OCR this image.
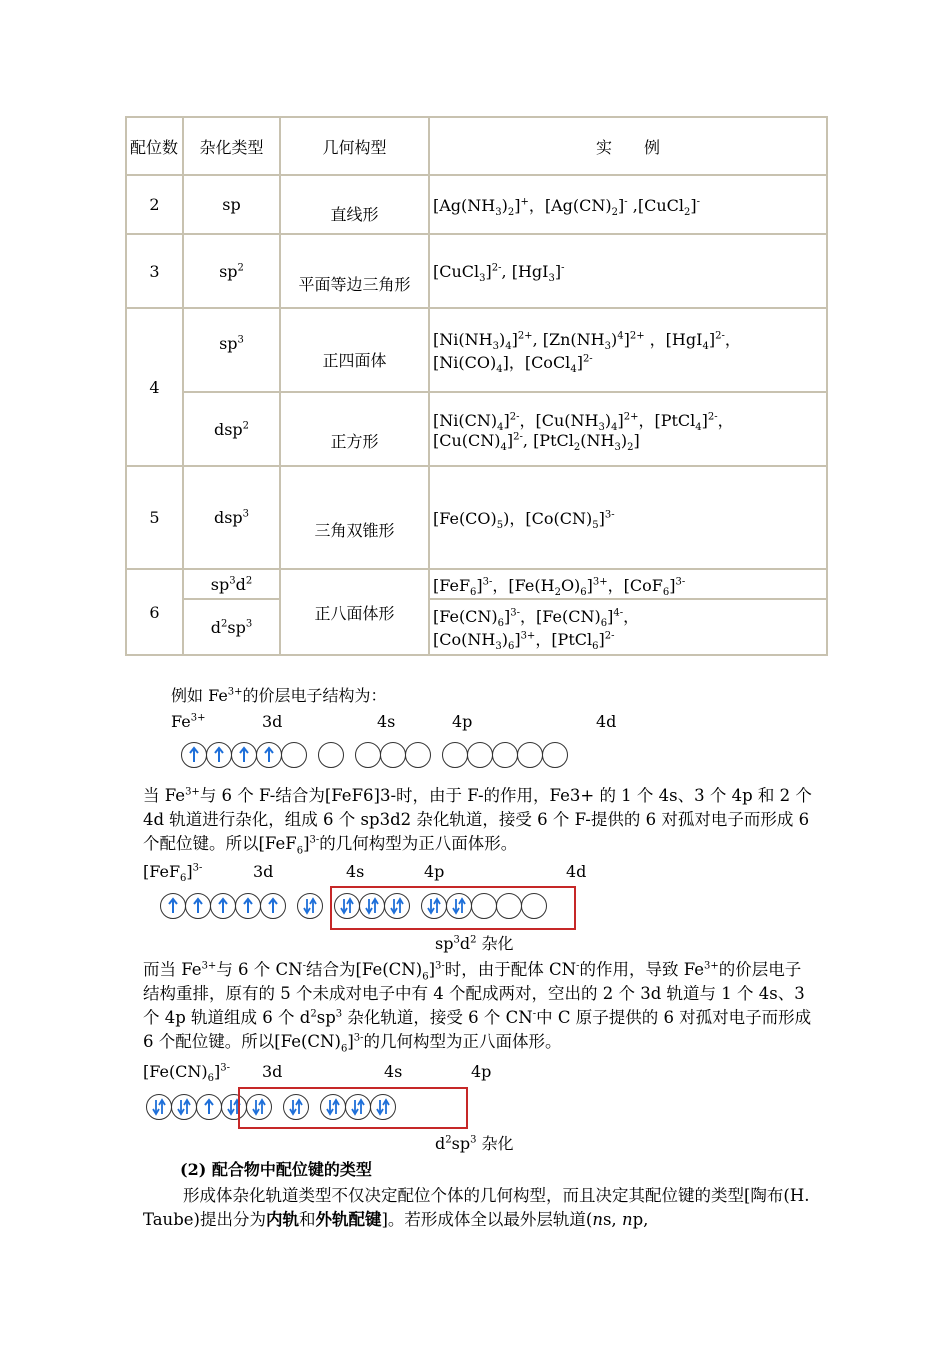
配位数	杂化类型	几何构型	实　　例
2	sp	直线形	$[Ag(NH_3)_2]^+$，$[Ag(CN)_2]^-$ ,[CuCl$_2$]-
3	$sp^2$	平面等边三角形	[CuCl$_3$]$^{2-}$, [HgI$_3$]-
4	$sp^3$	正四面体	$[Ni(NH_3)_4]^{2+}$, $[Zn(NH_3)^4]^{2+}$ ，$[HgI_4]^{2-}$，
$[Ni(CO)_4]$，[CoCl$_4$]$^{2-}$
	dsp$^2$	正方形	$[Ni(CN)_4]^{2-}$，$[Cu(NH_3)_4]^{2+}$，[PtCl$_4$]$^{2-}$，
$[Cu(CN)_4]^{2-}$, $[PtCl_2(NH_3)_2]$
5	dsp$^3$	三角双锥形	$[Fe(CO)_5)$，$[Co(CN)_5]^{3-}$
6	$sp^3d^2$	正八面体形	$[FeF_6]^{3-}$，$[Fe(H_2O)_6]^{3+}$，$[CoF_6]^{3-}$
	$d^2sp^3$		$[Fe(CN)_6]^{3-}$，$[Fe(CN)_6]^{4-}$，
$[Co(NH_3)_6]^{3+}$，[PtCl$_6$]$^{2-}$
例如 $Fe^{3+}$的价层电子结构为：
$Fe^{3+}$	3d	4s	4p	4d
当 $Fe^{3+}$与 6 个 F-结合为[FeF6]3-时，由于 F-的作用，Fe3+ 的 1 个 4s、3 个 4p 和 2 个 4d 轨道进行杂化，组成 6 个 sp3d2 杂化轨道，接受 6 个 F-提供的 6 对孤对电子而形成 6 个配位键。所以$[FeF_6]^{3-}$的几何构型为正八面体形。
$[FeF_6]^{3-}$	3d	4s	4p	4d
$sp^3d^2$ 杂化
而当 $Fe^{3+}$与 6 个 CN-结合为$[Fe(CN)_6]^{3-}$时，由于配体 CN-的作用，导致 $Fe^{3+}$的价层电子结构重排，原有的 5 个未成对电子中有 4 个配成两对，空出的 2 个 3d 轨道与 1 个 4s、3 个 4p 轨道组成 6 个 $d^2sp^3$ 杂化轨道，接受 6 个 CN-中 C 原子提供的 6 对孤对电子而形成 6 个配位键。所以$[Fe(CN)_6]^{3-}$的几何构型为正八面体形。
$[Fe(CN)_6]^{3-}$ 3d	4s	4p
$d^2sp^3$ 杂化
(2) 配合物中配位键的类型
形成体杂化轨道类型不仅决定配位个体的几何构型，而且决定其配位键的类型[陶布(H. Taube)提出分为内轨和外轨配键]。若形成体全以最外层轨道(ns, np,
